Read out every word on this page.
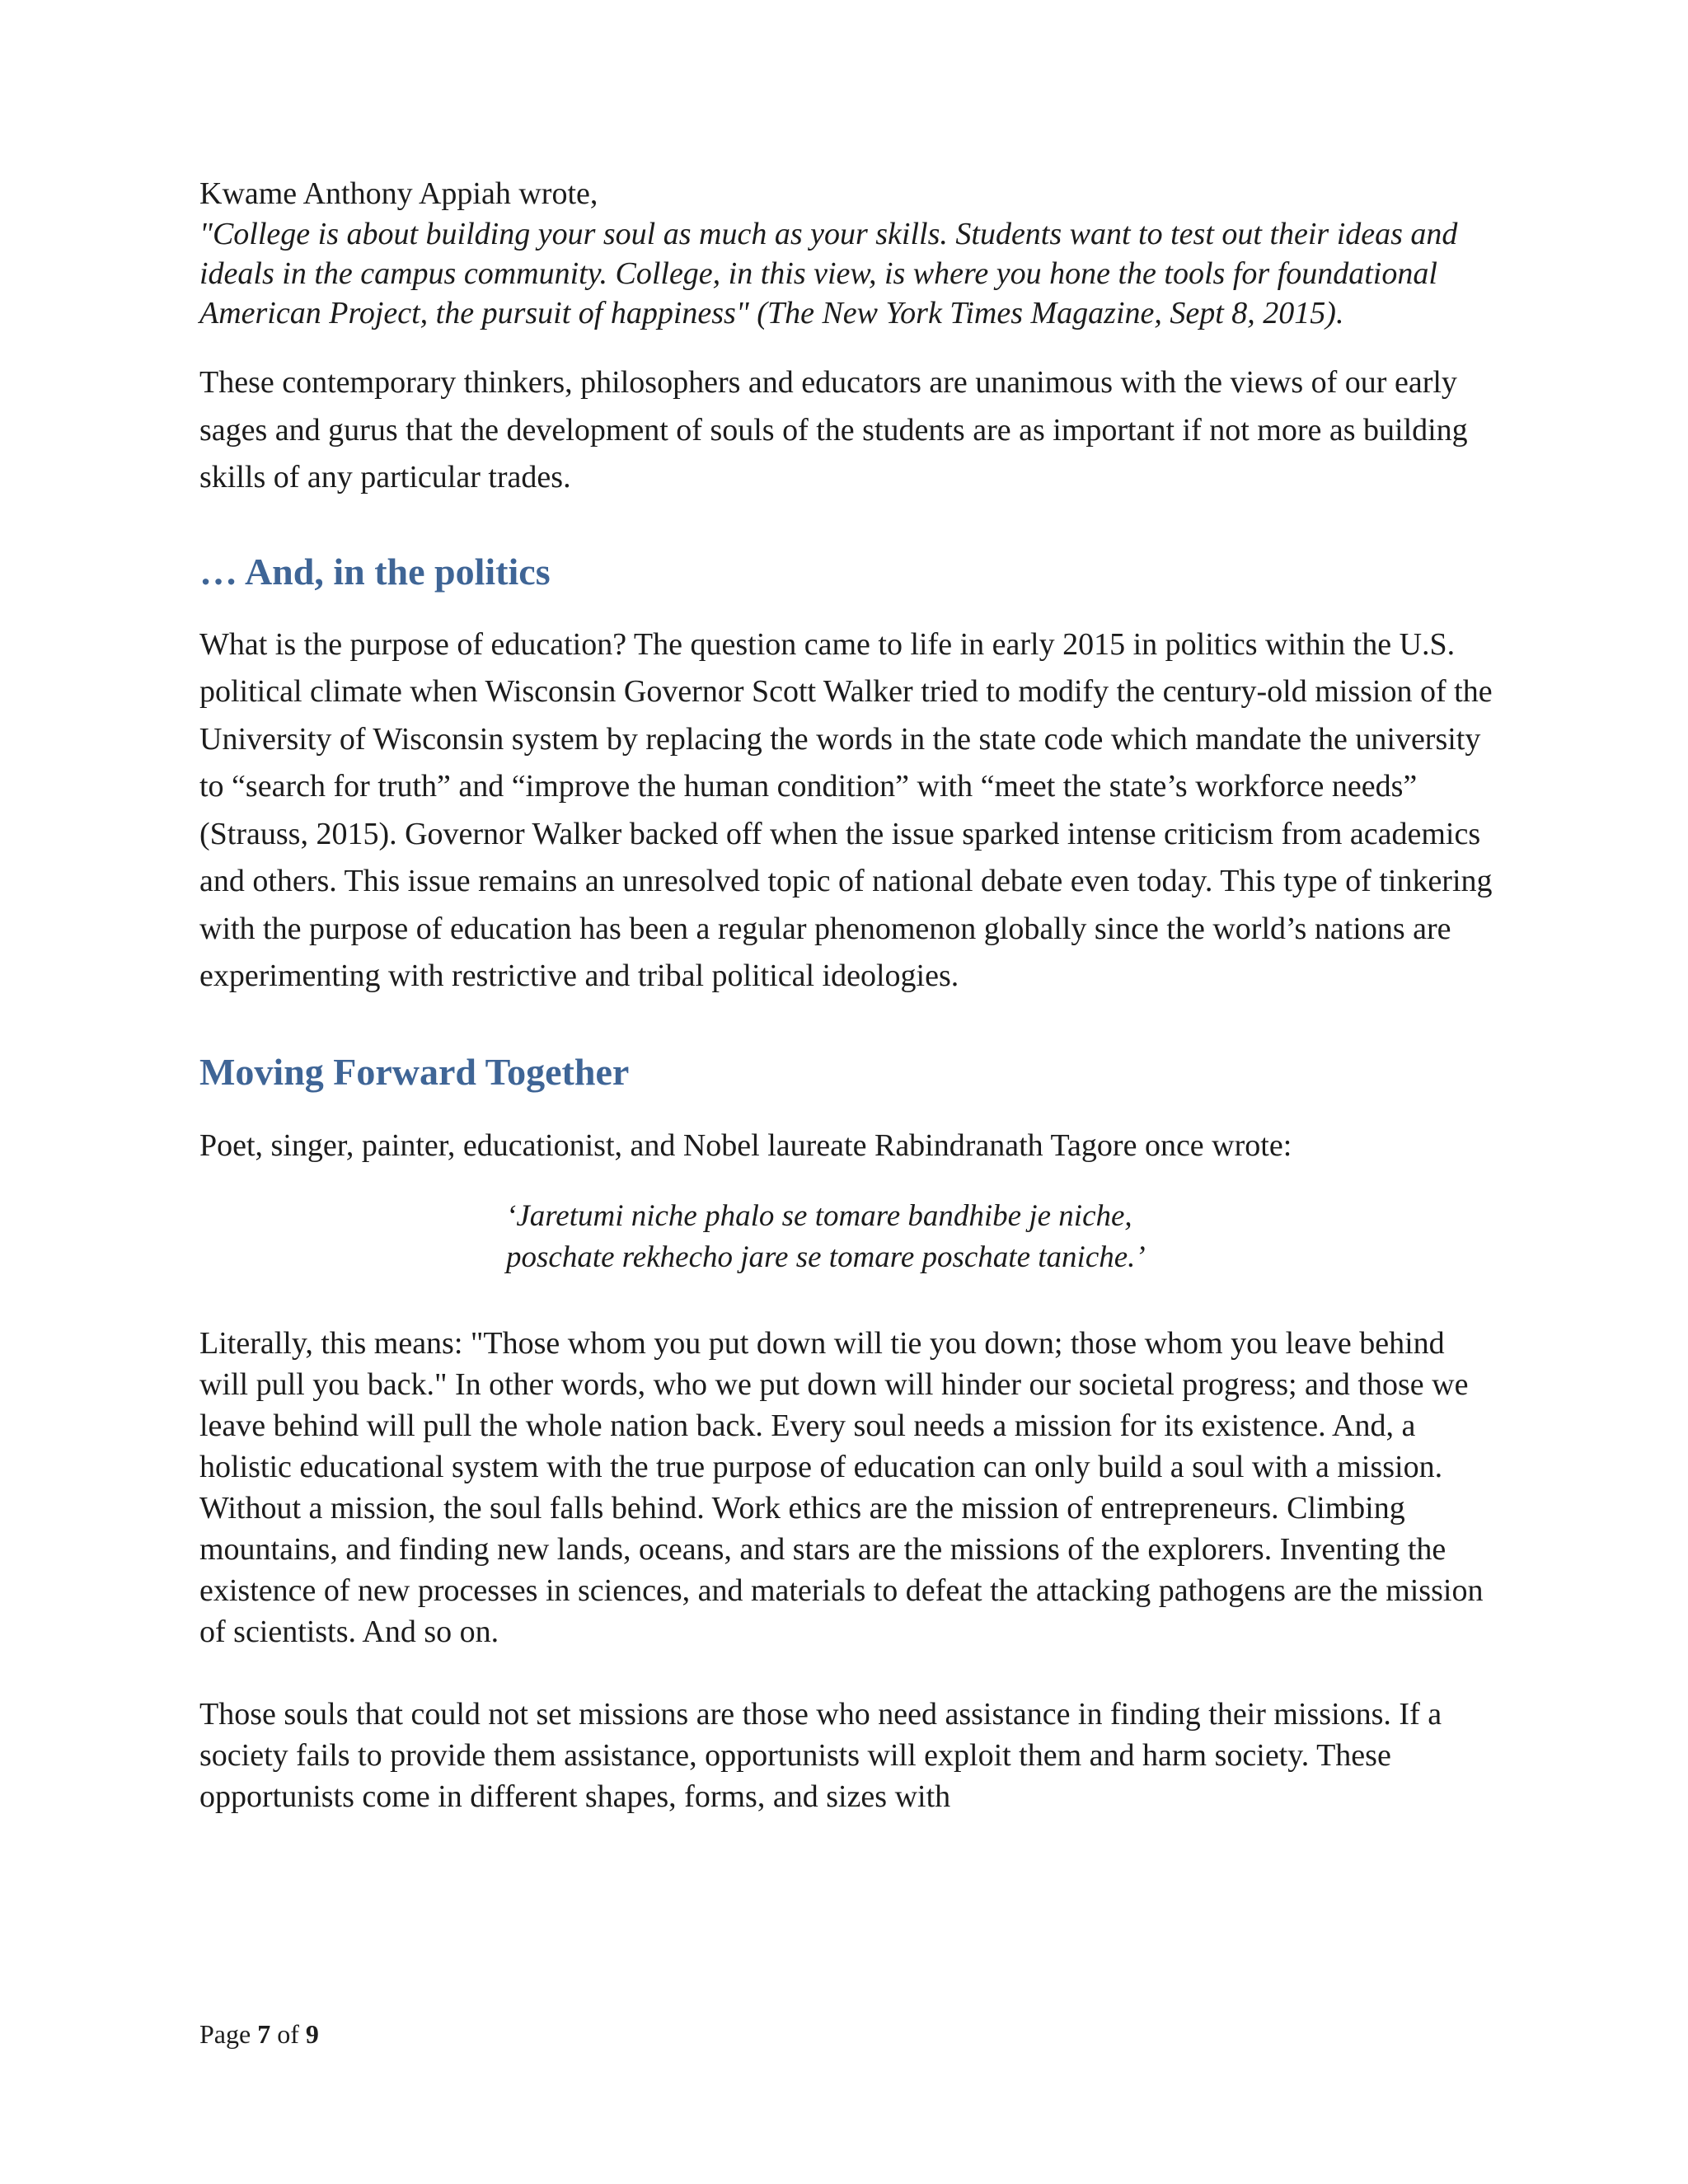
Kwame Anthony Appiah wrote,

"College is about building your soul as much as your skills. Students want to test out their ideas and ideals in the campus community. College, in this view, is where you hone the tools for foundational American Project, the pursuit of happiness" (The New York Times Magazine, Sept 8, 2015).

These contemporary thinkers, philosophers and educators are unanimous with the views of our early sages and gurus that the development of souls of the students are as important if not more as building skills of any particular trades.

… And, in the politics

What is the purpose of education? The question came to life in early 2015 in politics within the U.S. political climate when Wisconsin Governor Scott Walker tried to modify the century-old mission of the University of Wisconsin system by replacing the words in the state code which mandate the university to “search for truth” and “improve the human condition” with “meet the state’s workforce needs” (Strauss, 2015). Governor Walker backed off when the issue sparked intense criticism from academics and others. This issue remains an unresolved topic of national debate even today. This type of tinkering with the purpose of education has been a regular phenomenon globally since the world’s nations are experimenting with restrictive and tribal political ideologies.

Moving Forward Together

Poet, singer, painter, educationist, and Nobel laureate Rabindranath Tagore once wrote:

‘Jaretumi niche phalo se tomare bandhibe je niche,
poschate rekhecho jare se tomare poschate taniche.’

Literally, this means: "Those whom you put down will tie you down; those whom you leave behind will pull you back." In other words, who we put down will hinder our societal progress; and those we leave behind will pull the whole nation back. Every soul needs a mission for its existence. And, a holistic educational system with the true purpose of education can only build a soul with a mission. Without a mission, the soul falls behind. Work ethics are the mission of entrepreneurs. Climbing mountains, and finding new lands, oceans, and stars are the missions of the explorers. Inventing the existence of new processes in sciences, and materials to defeat the attacking pathogens are the mission of scientists. And so on.

Those souls that could not set missions are those who need assistance in finding their missions. If a society fails to provide them assistance, opportunists will exploit them and harm society. These opportunists come in different shapes, forms, and sizes with

Page 7 of 9
